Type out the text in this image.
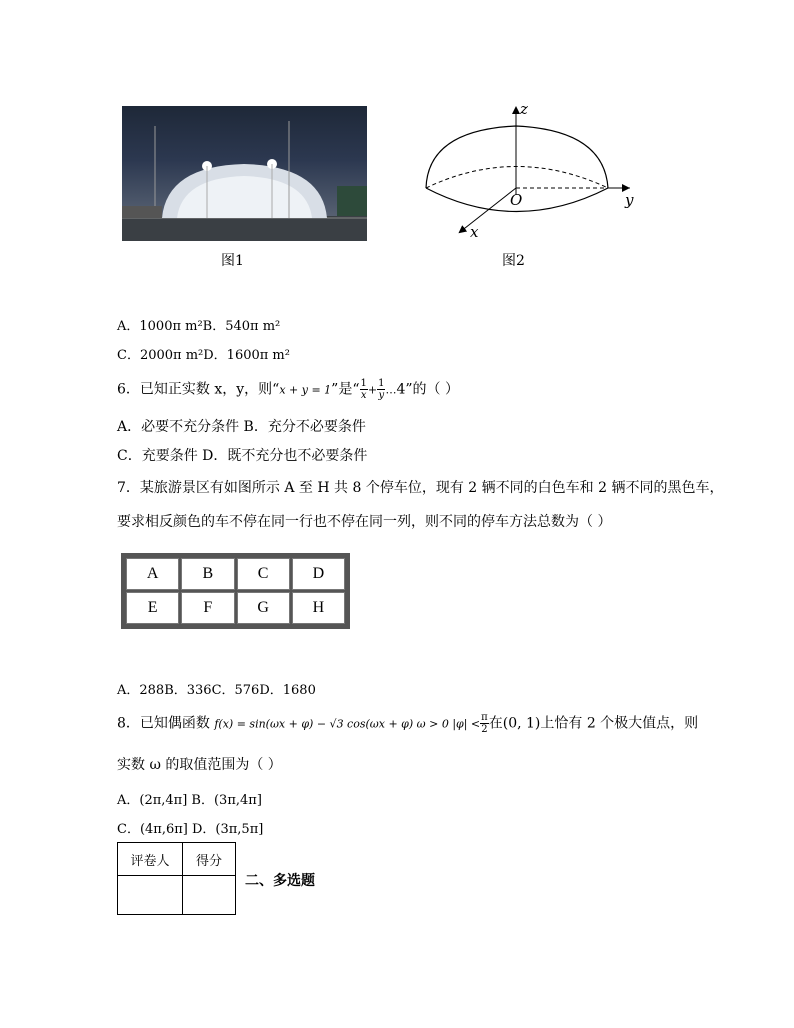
图1
z
y
x
O
图2
A．1000π m²B．540π m²
C．2000π m²D．1600π m²
6．已知正实数 x，y，则“x + y = 1”是“ $\frac{1}{x} + \frac{1}{y}$ …4”的（ ）
A．必要不充分条件 B．充分不必要条件
C．充要条件 D．既不充分也不必要条件
7．某旅游景区有如图所示 A 至 H 共 8 个停车位，现有 2 辆不同的白色车和 2 辆不同的黑色车，
要求相反颜色的车不停在同一行也不停在同一列，则不同的停车方法总数为（ ）
A	B	C	D
E	F	G	H
A．288B．336C．576D．1680
8．已知偶函数 f(x) = sin(ωx + φ) − √3 cos(ωx + φ) ω > 0 $|\varphi| < \frac{\pi}{2}$ 在(0, 1)上恰有 2 个极大值点，则
实数 ω 的取值范围为（ ）
A．(2π,4π] B．(3π,4π]
C．(4π,6π] D．(3π,5π]
评卷人	得分

二、多选题
